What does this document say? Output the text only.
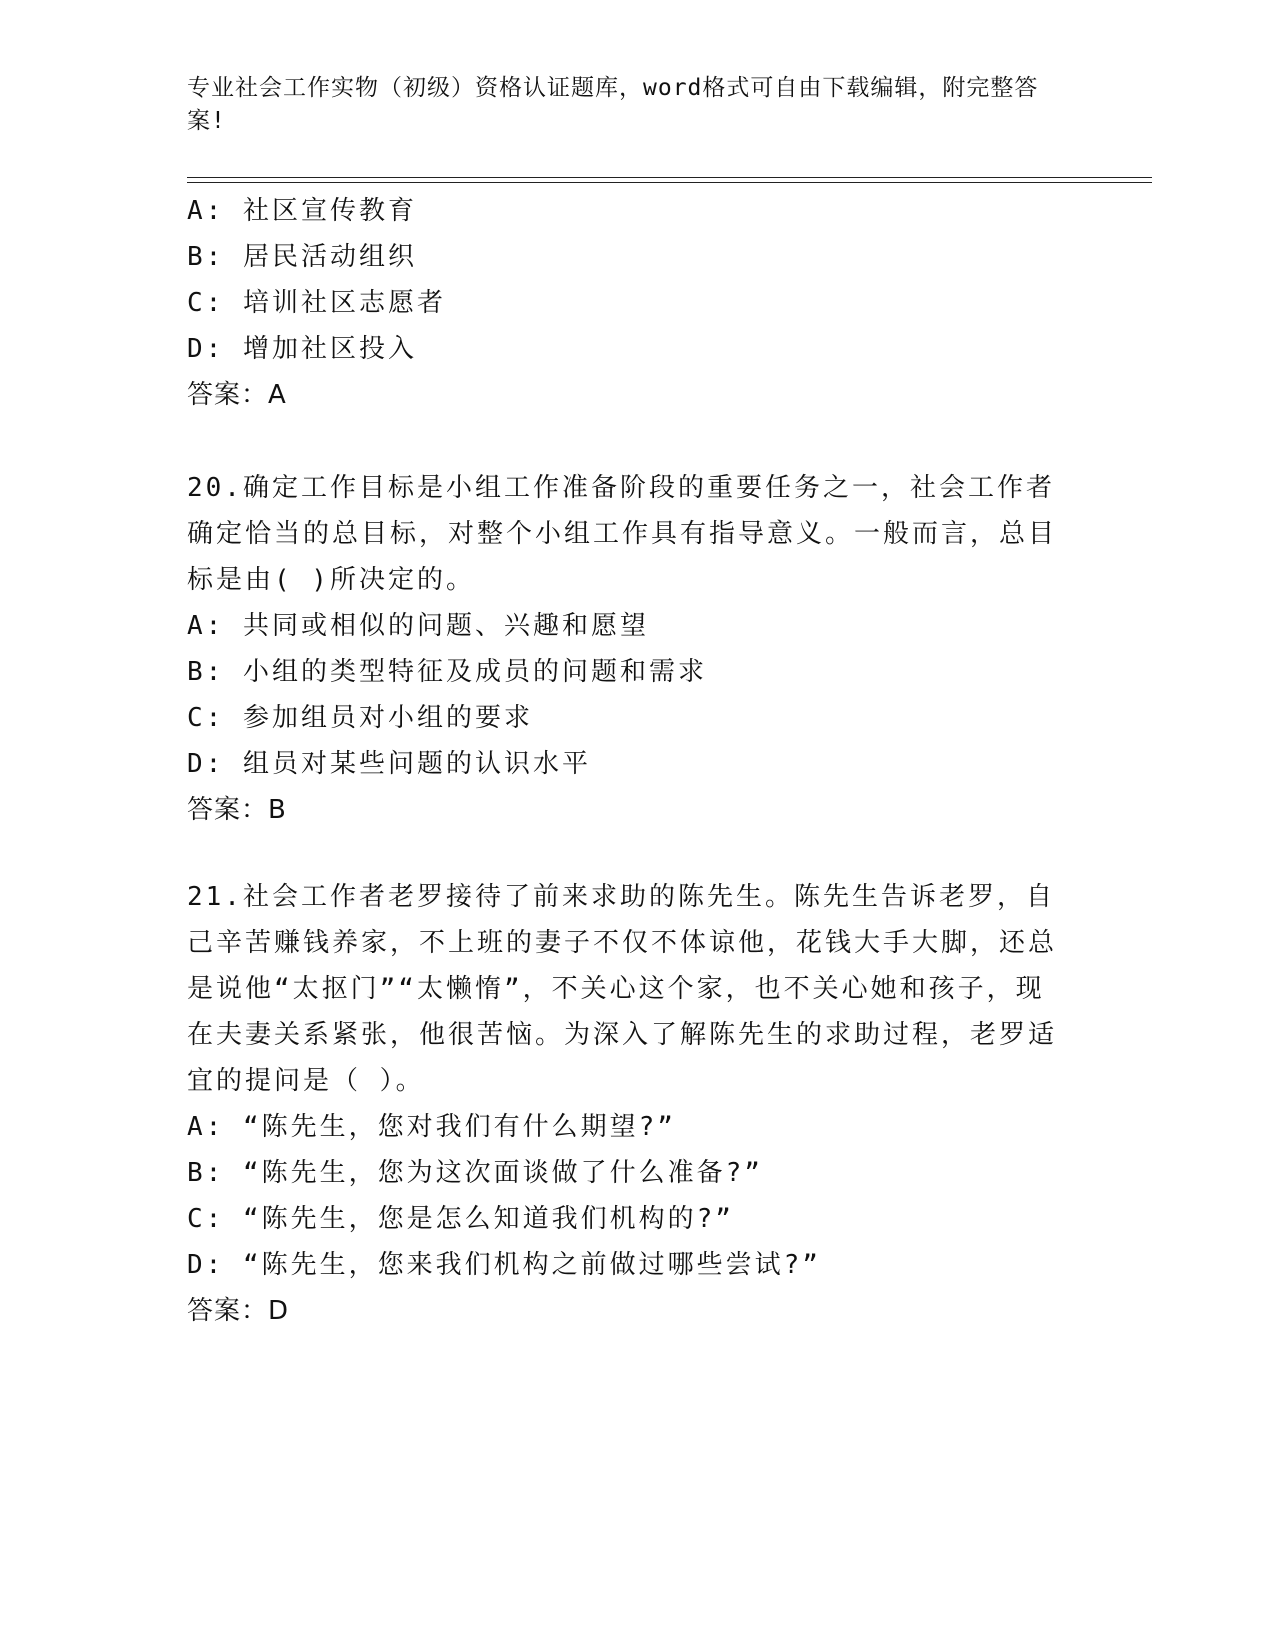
专业社会工作实物（初级）资格认证题库，word格式可自由下载编辑，附完整答案!
A: 社区宣传教育
B: 居民活动组织
C: 培训社区志愿者
D: 增加社区投入
答案：A
20.确定工作目标是小组工作准备阶段的重要任务之一，社会工作者确定恰当的总目标，对整个小组工作具有指导意义。一般而言，总目标是由( )所决定的。
A: 共同或相似的问题、兴趣和愿望
B: 小组的类型特征及成员的问题和需求
C: 参加组员对小组的要求
D: 组员对某些问题的认识水平
答案：B
21.社会工作者老罗接待了前来求助的陈先生。陈先生告诉老罗，自己辛苦赚钱养家，不上班的妻子不仅不体谅他，花钱大手大脚，还总是说他“太抠门”“太懒惰”，不关心这个家，也不关心她和孩子，现在夫妻关系紧张，他很苦恼。为深入了解陈先生的求助过程，老罗适宜的提问是（ ）。
A: “陈先生，您对我们有什么期望?”
B: “陈先生，您为这次面谈做了什么准备?”
C: “陈先生，您是怎么知道我们机构的?”
D: “陈先生，您来我们机构之前做过哪些尝试?”
答案：D
